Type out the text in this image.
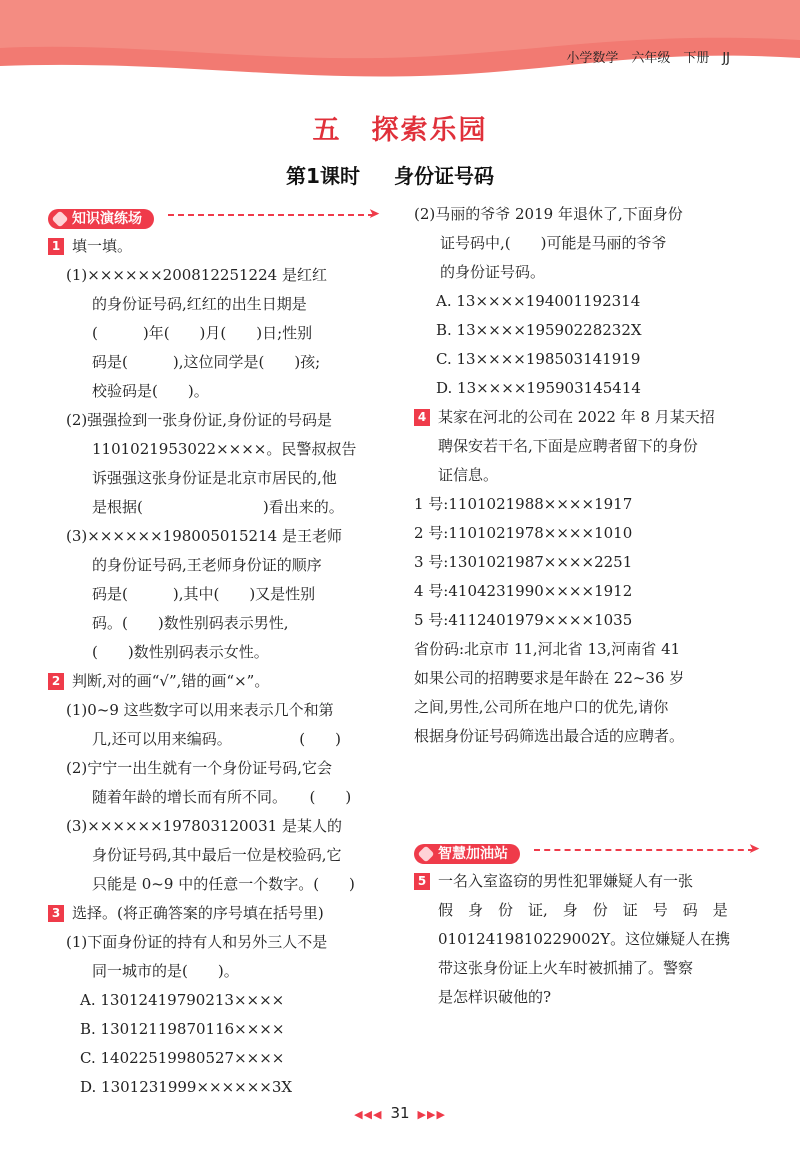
小学数学　六年级　下册　JJ
五 探索乐园
第1课时 身份证号码
知识演练场	➤
1 填一填。

(1)××××××200812251224 是红红
的身份证号码,红红的出生日期是
(　　　)年(　　)月(　　)日;性别
码是(　　　),这位同学是(　　)孩;
校验码是(　　)。

(2)强强捡到一张身份证,身份证的号码是
1101021953022××××。民警叔叔告
诉强强这张身份证是北京市居民的,他
是根据(　　　　　　　　)看出来的。

(3)××××××198005015214 是王老师
的身份证号码,王老师身份证的顺序
码是(　　　),其中(　　)又是性别
码。(　　)数性别码表示男性,
(　　)数性别码表示女性。

2 判断,对的画“√”,错的画“×”。

(1)0~9 这些数字可以用来表示几个和第
几,还可以用来编码。　　　　　(　　)

(2)宁宁一出生就有一个身份证号码,它会
随着年龄的增长而有所不同。　　(　　)

(3)××××××197803120031 是某人的
身份证号码,其中最后一位是校验码,它
只能是 0~9 中的任意一个数字。(　　)

3 选择。(将正确答案的序号填在括号里)

(1)下面身份证的持有人和另外三人不是
同一城市的是(　　)。

A. 13012419790213××××

B. 13012119870116××××

C. 14022519980527××××

D. 1301231999××××××3X

(2)马丽的爷爷 2019 年退休了,下面身份
证号码中,(　　)可能是马丽的爷爷
的身份证号码。

A. 13××××194001192314

B. 13××××19590228232X

C. 13××××198503141919

D. 13××××195903145414

4 某家在河北的公司在 2022 年 8 月某天招
聘保安若干名,下面是应聘者留下的身份
证信息。

1 号:1101021988××××1917

2 号:1101021978××××1010

3 号:1301021987××××2251

4 号:4104231990××××1912

5 号:4112401979××××1035

省份码:北京市 11,河北省 13,河南省 41

如果公司的招聘要求是年龄在 22~36 岁
之间,男性,公司所在地户口的优先,请你
根据身份证号码筛选出最合适的应聘者。

智慧加油站	➤
5 一名入室盗窃的男性犯罪嫌疑人有一张
假　身　份　证,　身　份　证　号　码　是
01012419810229002Y。这位嫌疑人在携
带这张身份证上火车时被抓捕了。警察
是怎样识破他的?

◀◀◀ 31 ▶▶▶
